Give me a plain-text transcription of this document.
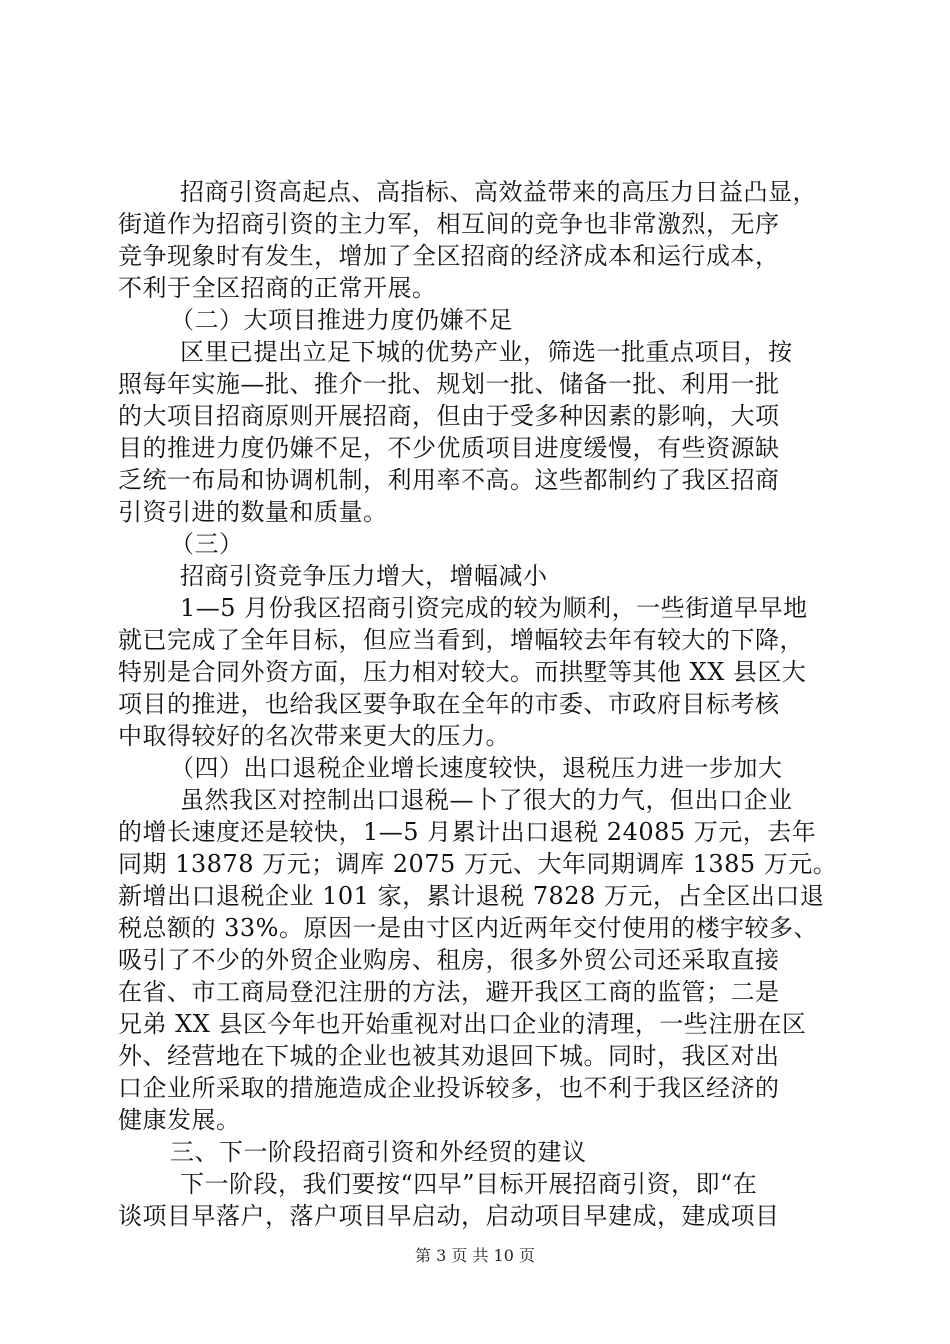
招商引资高起点、高指标、高效益带来的高压力日益凸显，
街道作为招商引资的主力军，相互间的竞争也非常激烈，无序
竞争现象时有发生，增加了全区招商的经济成本和运行成本，
不利于全区招商的正常开展。
（二）大项目推进力度仍嫌不足
区里已提出立足下城的优势产业，筛选一批重点项目，按
照每年实施—批、推介一批、规划一批、储备一批、利用一批
的大项目招商原则开展招商，但由于受多种因素的影响，大项
目的推进力度仍嫌不足，不少优质项目进度缓慢，有些资源缺
乏统一布局和协调机制，利用率不高。这些都制约了我区招商
引资引进的数量和质量。
（三）
招商引资竞争压力增大，增幅减小
1—5 月份我区招商引资完成的较为顺利，一些街道早早地
就已完成了全年目标，但应当看到，增幅较去年有较大的下降，
特别是合同外资方面，压力相对较大。而拱墅等其他 XX 县区大
项目的推进，也给我区要争取在全年的市委、市政府目标考核
中取得较好的名次带来更大的压力。
（四）出口退税企业增长速度较快，退税压力进一步加大
虽然我区对控制出口退税—卜了很大的力气，但出口企业
的增长速度还是较快，1—5 月累计出口退税 24085 万元，去年
同期 13878 万元；调库 2075 万元、大年同期调库 1385 万元。
新增出口退税企业 101 家，累计退税 7828 万元，占全区出口退
税总额的 33%。原因一是由寸区内近两年交付使用的楼宇较多、
吸引了不少的外贸企业购房、租房，很多外贸公司还采取直接
在省、市工商局登氾注册的方法，避开我区工商的监管；二是
兄弟 XX 县区今年也开始重视对出口企业的清理，一些注册在区
外、经营地在下城的企业也被其劝退回下城。同时，我区对出
口企业所采取的措施造成企业投诉较多，也不利于我区经济的
健康发展。
三、下一阶段招商引资和外经贸的建议
下一阶段，我们要按“四早”目标开展招商引资，即“在
谈项目早落户，落户项目早启动，启动项目早建成，建成项目
第 3 页 共 10 页
